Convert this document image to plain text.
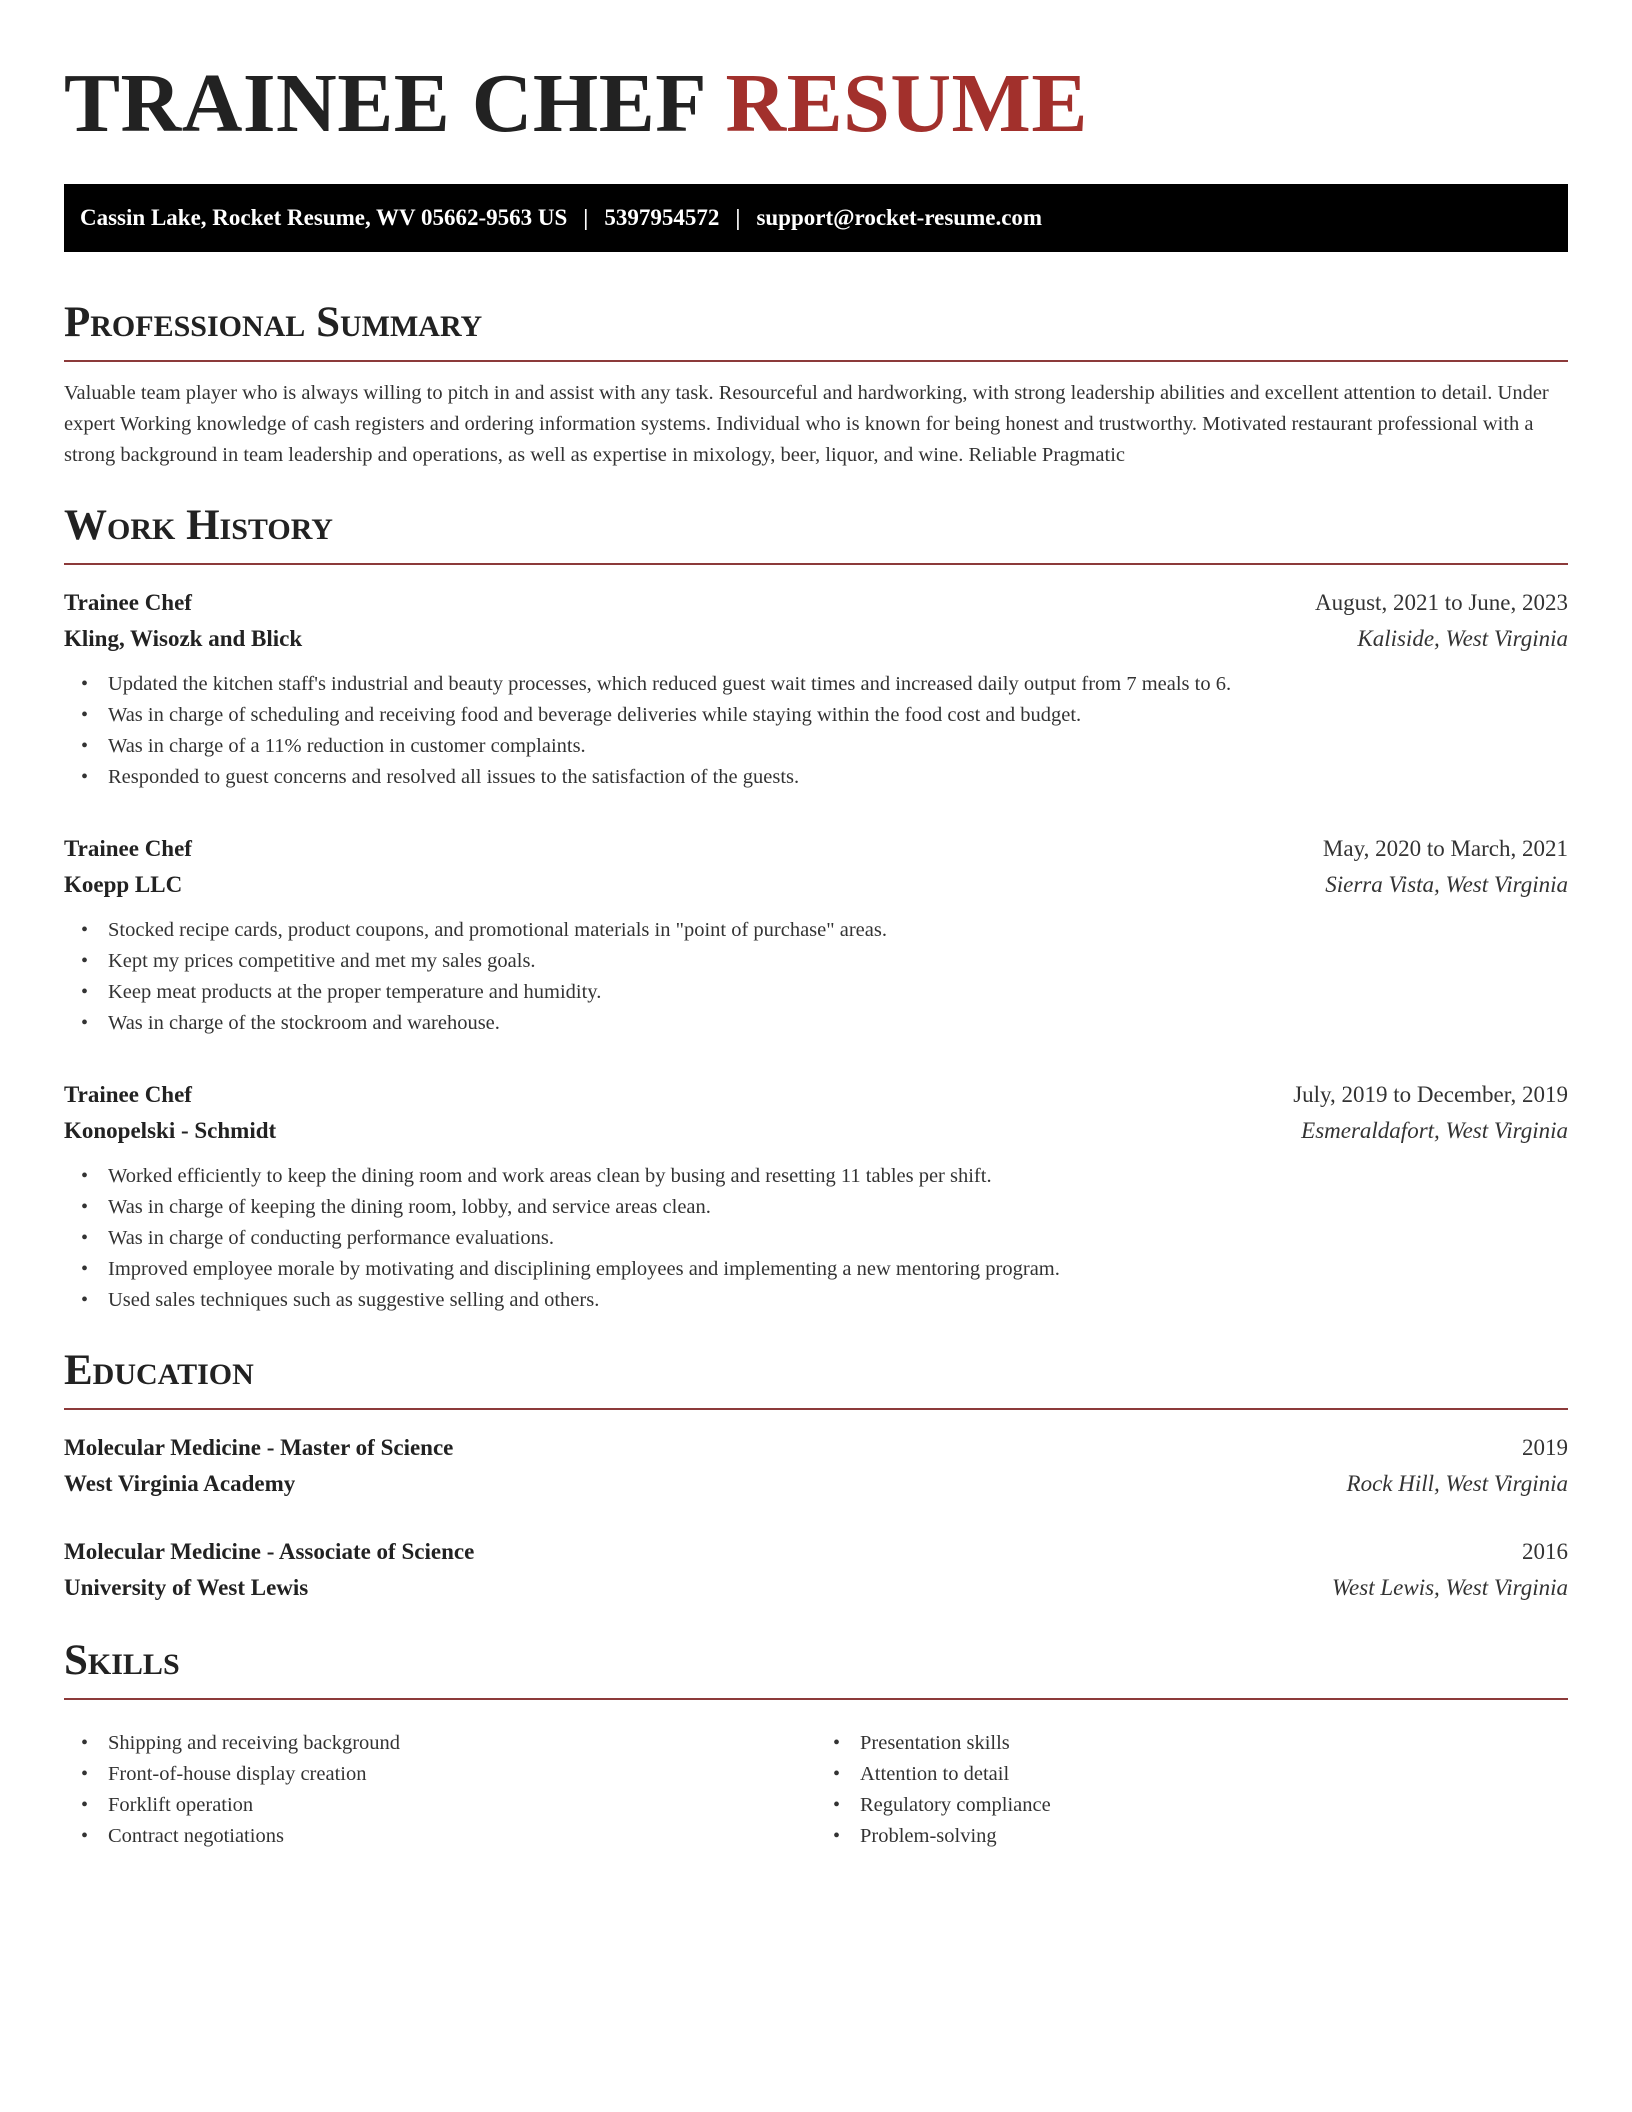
TRAINEE CHEF RESUME
Cassin Lake, Rocket Resume, WV 05662-9563 US | 5397954572 | support@rocket-resume.com
Professional Summary

Valuable team player who is always willing to pitch in and assist with any task. Resourceful and hardworking, with strong leadership abilities and excellent attention to detail. Under expert Working knowledge of cash registers and ordering information systems. Individual who is known for being honest and trustworthy. Motivated restaurant professional with a strong background in team leadership and operations, as well as expertise in mixology, beer, liquor, and wine. Reliable Pragmatic

Work History
Trainee Chef	August, 2021 to June, 2023
Kling, Wisozk and Blick	Kaliside, West Virginia
• Updated the kitchen staff's industrial and beauty processes, which reduced guest wait times and increased daily output from 7 meals to 6.
• Was in charge of scheduling and receiving food and beverage deliveries while staying within the food cost and budget.
• Was in charge of a 11% reduction in customer complaints.
• Responded to guest concerns and resolved all issues to the satisfaction of the guests.
Trainee Chef	May, 2020 to March, 2021
Koepp LLC	Sierra Vista, West Virginia
• Stocked recipe cards, product coupons, and promotional materials in "point of purchase" areas.
• Kept my prices competitive and met my sales goals.
• Keep meat products at the proper temperature and humidity.
• Was in charge of the stockroom and warehouse.
Trainee Chef	July, 2019 to December, 2019
Konopelski - Schmidt	Esmeraldafort, West Virginia
• Worked efficiently to keep the dining room and work areas clean by busing and resetting 11 tables per shift.
• Was in charge of keeping the dining room, lobby, and service areas clean.
• Was in charge of conducting performance evaluations.
• Improved employee morale by motivating and disciplining employees and implementing a new mentoring program.
• Used sales techniques such as suggestive selling and others.
Education
Molecular Medicine - Master of Science	2019
West Virginia Academy	Rock Hill, West Virginia
Molecular Medicine - Associate of Science	2016
University of West Lewis	West Lewis, West Virginia
Skills
• Shipping and receiving background
• Front-of-house display creation
• Forklift operation
• Contract negotiations
• Presentation skills
• Attention to detail
• Regulatory compliance
• Problem-solving
